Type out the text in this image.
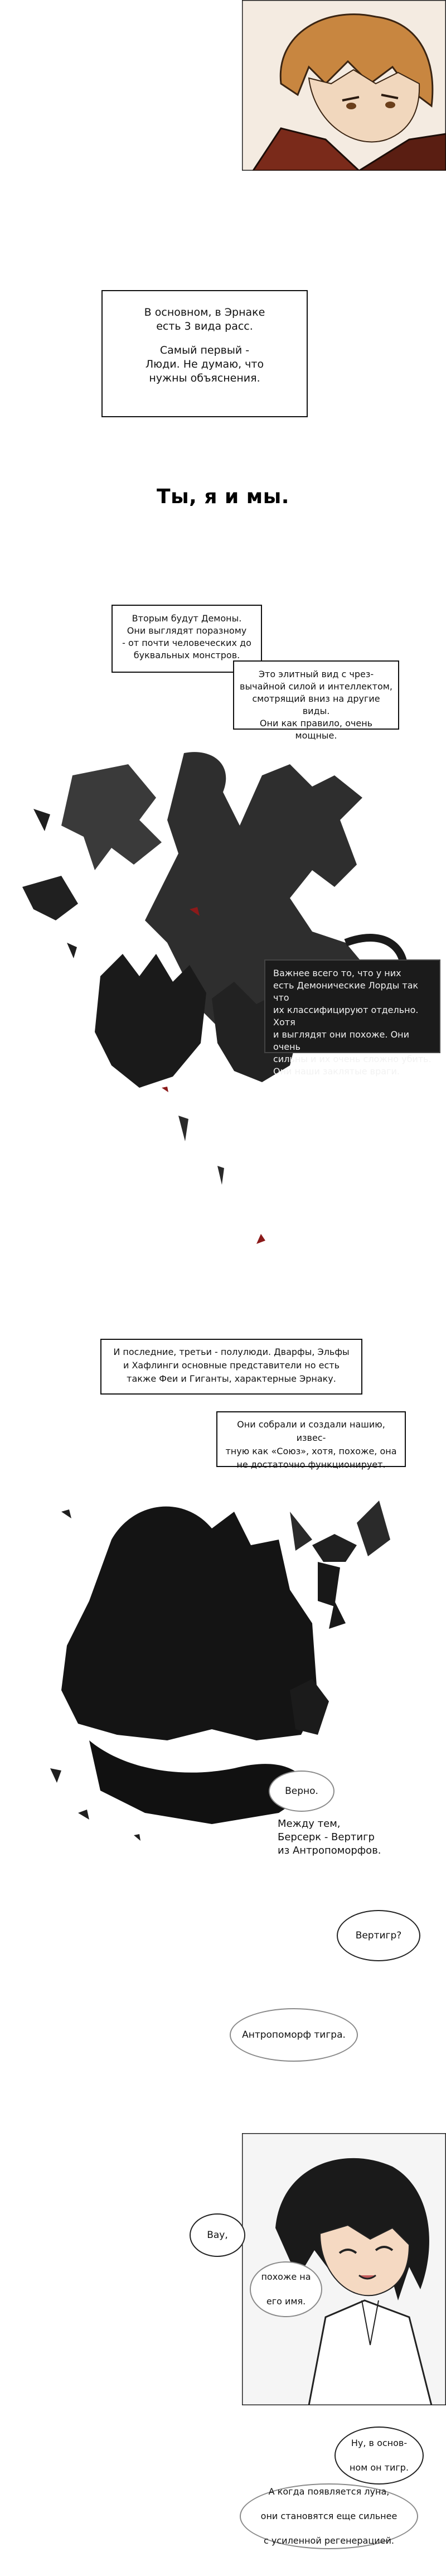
В основном, в Эрнаке
есть 3 вида расс.

Самый первый -
Люди. Не думаю, что
нужны объяснения.

Ты, я и мы.
Вторым будут Демоны.
Они выглядят поразному
- от почти человеческих до
буквальных монстров.
Это элитный вид с чрез-
вычайной силой и интеллектом,
смотрящий вниз на другие виды.
Они как правило, очень мощные.
Важнее всего то, что у них
есть Демонические Лорды так что
их классифицируют отдельно. Хотя
и выглядят они похоже. Они очень
сильны и их очень сложно убить.
Они наши заклятые враги.
И последние, третьи - полулюди. Дварфы, Эльфы
и Хафлинги основные представители но есть
также Феи и Гиганты, характерные Эрнаку.
Они собрали и создали нашию, извес-
тную как «Союз», хотя, похоже, она
не достаточно функционирует.
Верно.
Между тем,
Берсерк - Вертигр
из Антропоморфов.
Вертигр?
Антропоморф тигра.
Вау,
похоже на

его имя.
Ну, в основ-

ном он тигр.
А когда появляется луна,

они становятся еще сильнее

с усиленной регенерацией.
